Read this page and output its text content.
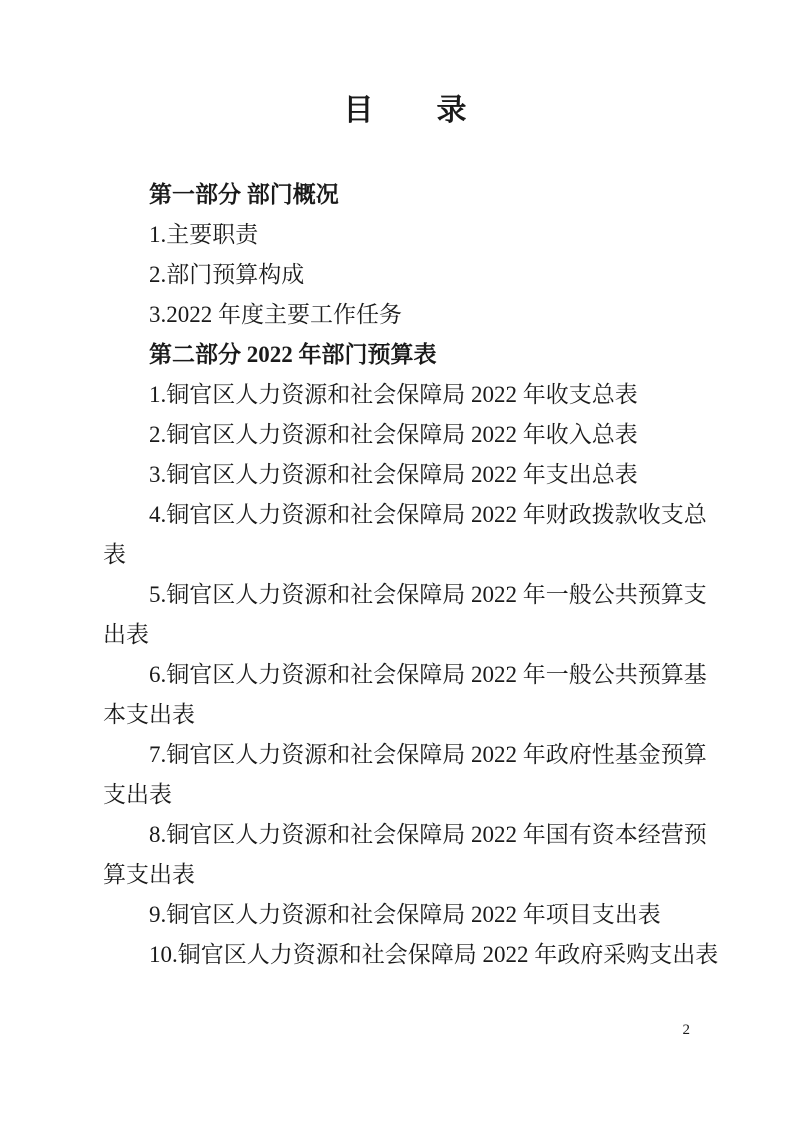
目　　录
第一部分 部门概况
1.主要职责
2.部门预算构成
3.2022 年度主要工作任务
第二部分 2022 年部门预算表
1.铜官区人力资源和社会保障局 2022 年收支总表
2.铜官区人力资源和社会保障局 2022 年收入总表
3.铜官区人力资源和社会保障局 2022 年支出总表
4.铜官区人力资源和社会保障局 2022 年财政拨款收支总
表
5.铜官区人力资源和社会保障局 2022 年一般公共预算支
出表
6.铜官区人力资源和社会保障局 2022 年一般公共预算基
本支出表
7.铜官区人力资源和社会保障局 2022 年政府性基金预算
支出表
8.铜官区人力资源和社会保障局 2022 年国有资本经营预
算支出表
9.铜官区人力资源和社会保障局 2022 年项目支出表
10.铜官区人力资源和社会保障局 2022 年政府采购支出表
2
